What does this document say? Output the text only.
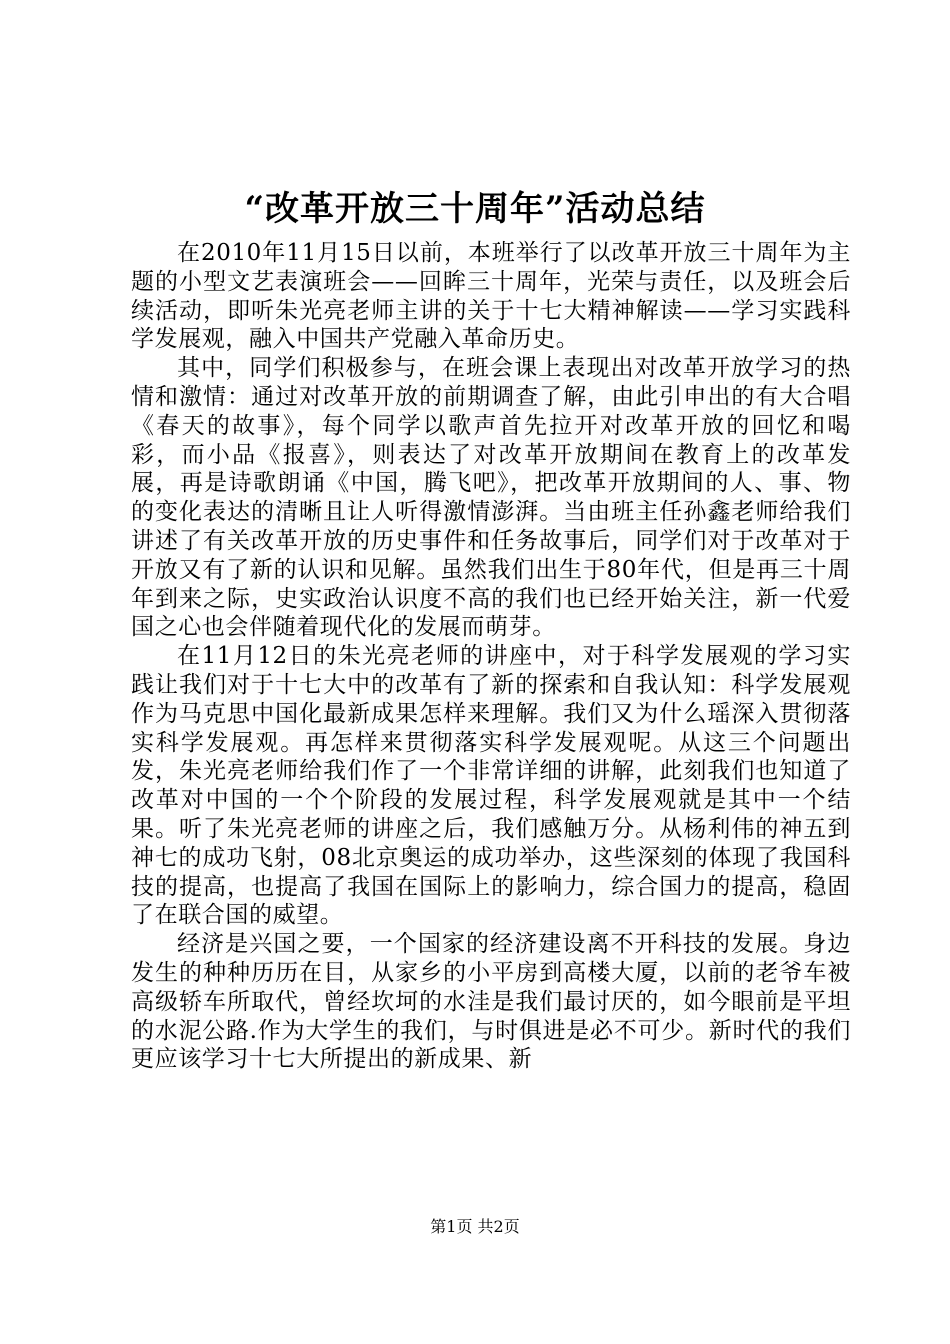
“改革开放三十周年”活动总结

在2010年11月15日以前，本班举行了以改革开放三十周年为主题的小型文艺表演班会——回眸三十周年，光荣与责任，以及班会后续活动，即听朱光亮老师主讲的关于十七大精神解读——学习实践科学发展观，融入中国共产党融入革命历史。

其中，同学们积极参与，在班会课上表现出对改革开放学习的热情和激情：通过对改革开放的前期调查了解，由此引申出的有大合唱《春天的故事》，每个同学以歌声首先拉开对改革开放的回忆和喝彩，而小品《报喜》，则表达了对改革开放期间在教育上的改革发展，再是诗歌朗诵《中国，腾飞吧》，把改革开放期间的人、事、物的变化表达的清晰且让人听得激情澎湃。当由班主任孙鑫老师给我们讲述了有关改革开放的历史事件和任务故事后，同学们对于改革对于开放又有了新的认识和见解。虽然我们出生于80年代，但是再三十周年到来之际，史实政治认识度不高的我们也已经开始关注，新一代爱国之心也会伴随着现代化的发展而萌芽。

在11月12日的朱光亮老师的讲座中，对于科学发展观的学习实践让我们对于十七大中的改革有了新的探索和自我认知：科学发展观作为马克思中国化最新成果怎样来理解。我们又为什么瑶深入贯彻落实科学发展观。再怎样来贯彻落实科学发展观呢。从这三个问题出发，朱光亮老师给我们作了一个非常详细的讲解，此刻我们也知道了改革对中国的一个个阶段的发展过程，科学发展观就是其中一个结果。听了朱光亮老师的讲座之后，我们感触万分。从杨利伟的神五到神七的成功飞射，08北京奥运的成功举办，这些深刻的体现了我国科技的提高，也提高了我国在国际上的影响力，综合国力的提高，稳固了在联合国的威望。

经济是兴国之要，一个国家的经济建设离不开科技的发展。身边发生的种种历历在目，从家乡的小平房到高楼大厦，以前的老爷车被高级轿车所取代，曾经坎坷的水洼是我们最讨厌的，如今眼前是平坦的水泥公路.作为大学生的我们，与时俱进是必不可少。新时代的我们更应该学习十七大所提出的新成果、新

第1页 共2页
